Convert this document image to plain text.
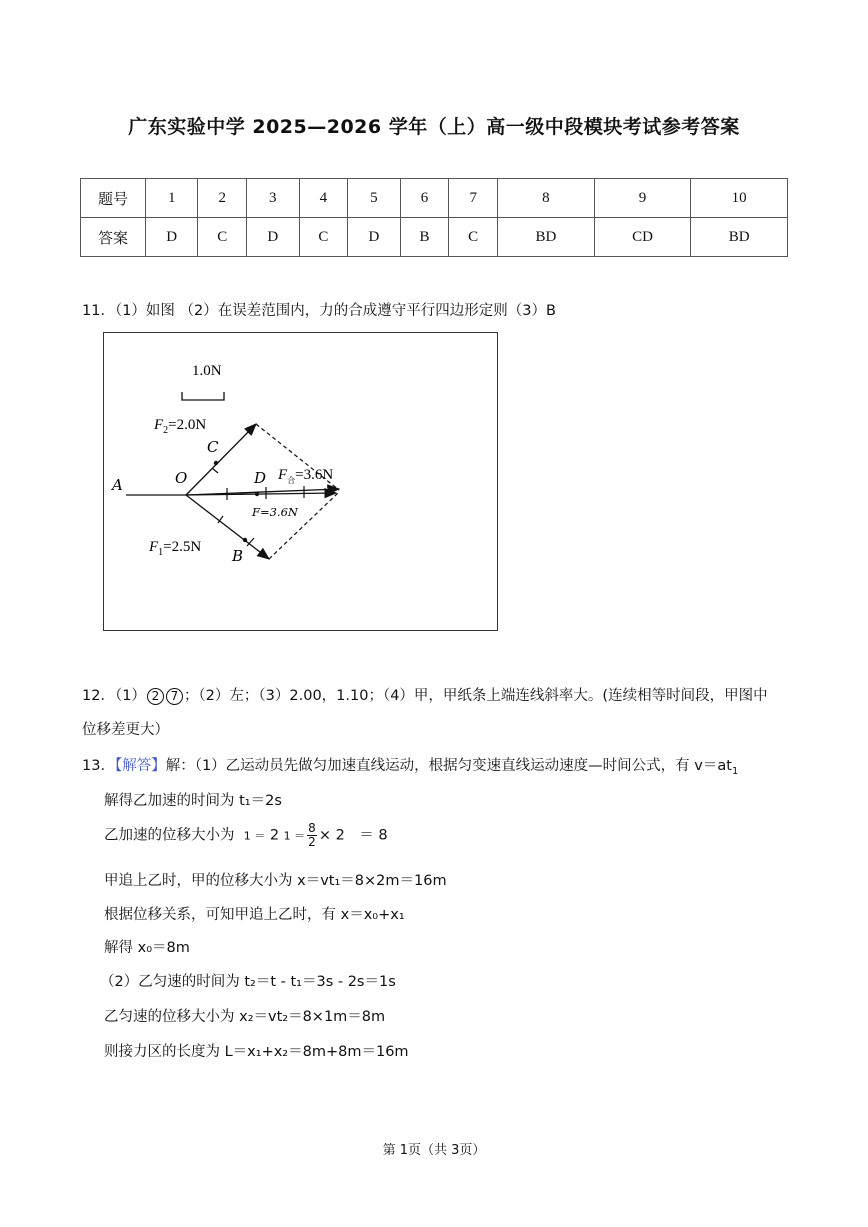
广东实验中学 2025—2026 学年（上）高一级中段模块考试参考答案
题号	1	2	3	4	5	6	7	8	9	10
答案	D	C	D	C	D	B	C	BD	CD	BD
11．（1）如图 （2）在误差范围内，力的合成遵守平行四边形定则（3）B
1.0N
A	O
C
D
B
$F_2=2.0N$
$F_1=2.5N$
$F_合=3.6N$
F=3.6N
12．（1） 2 7 ；（2）左；（3）2.00，1.10；（4）甲，甲纸条上端连线斜率大。(连续相等时间段，甲图中
位移差更大）
13．【解答】解：（1）乙运动员先做匀加速直线运动，根据匀变速直线运动速度—时间公式，有 $v=at_1$
解得乙加速的时间为 t₁＝2s
乙加速的位移大小为 1 ＝ 2 $1 = \frac{8}{2} \times 2$　＝ 8
甲追上乙时，甲的位移大小为 x＝vt₁＝8×2m＝16m
根据位移关系，可知甲追上乙时，有 x＝x₀+x₁
解得 x₀＝8m
（2）乙匀速的时间为 t₂＝t - t₁＝3s - 2s＝1s
乙匀速的位移大小为 x₂＝vt₂＝8×1m＝8m
则接力区的长度为 L＝x₁+x₂＝8m+8m＝16m
第 1页（共 3页）
